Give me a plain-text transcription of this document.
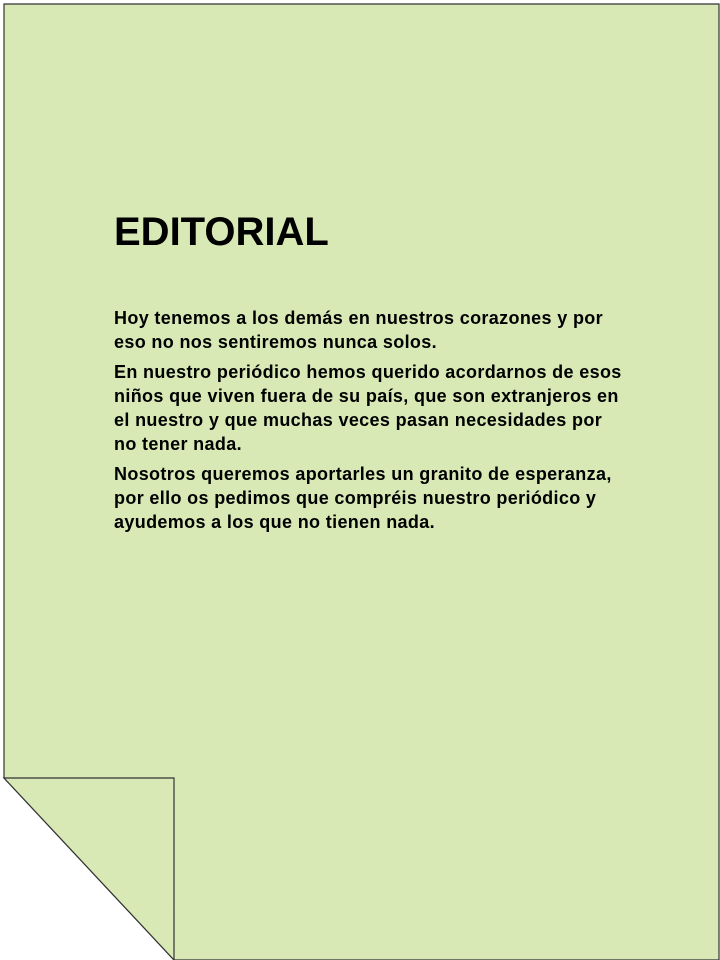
EDITORIAL

Hoy tenemos a los demás en nuestros corazones y por eso no nos sentiremos nunca solos.

En nuestro periódico hemos querido acordarnos de esos niños que viven fuera de su país, que son extranjeros en el nuestro y que muchas veces pasan necesidades por no tener nada.

Nosotros queremos aportarles un granito de esperanza, por ello os pedimos que compréis nuestro periódico y ayudemos a los que no tienen nada.
